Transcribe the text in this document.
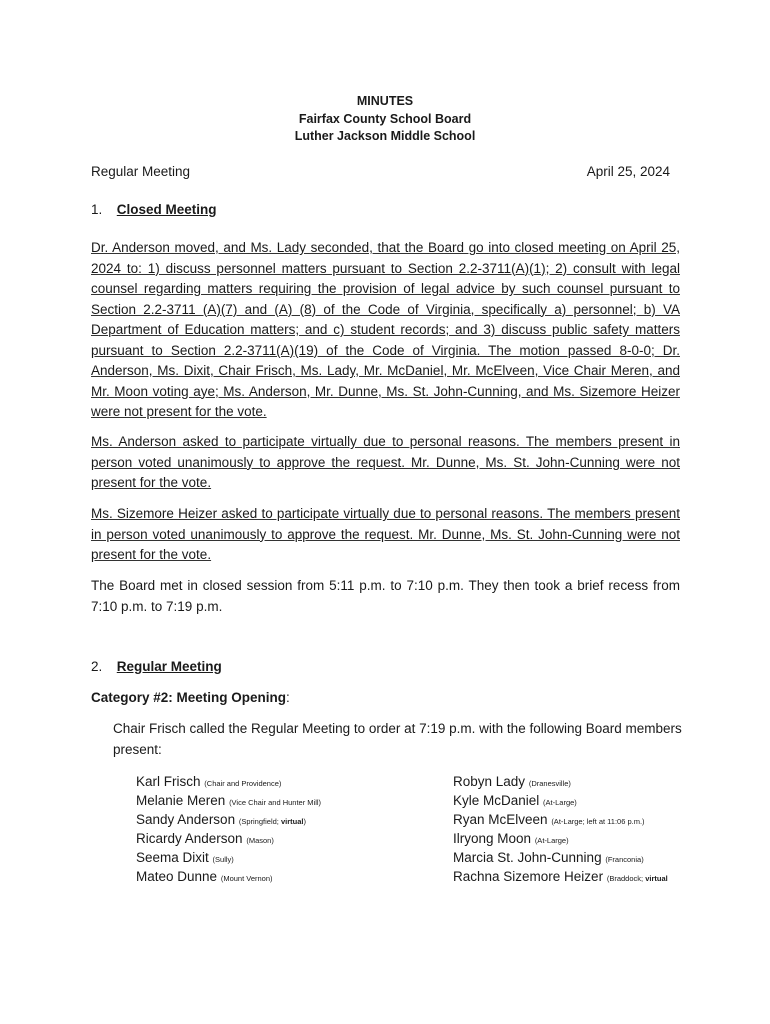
MINUTES
Fairfax County School Board
Luther Jackson Middle School
Regular Meeting	April 25, 2024
1. Closed Meeting

Dr. Anderson moved, and Ms. Lady seconded, that the Board go into closed meeting on April 25, 2024 to: 1) discuss personnel matters pursuant to Section 2.2-3711(A)(1); 2) consult with legal counsel regarding matters requiring the provision of legal advice by such counsel pursuant to Section 2.2-3711 (A)(7) and (A) (8) of the Code of Virginia, specifically a) personnel; b) VA Department of Education matters; and c) student records; and 3) discuss public safety matters pursuant to Section 2.2-3711(A)(19) of the Code of Virginia. The motion passed 8-0-0; Dr. Anderson, Ms. Dixit, Chair Frisch, Ms. Lady, Mr. McDaniel, Mr. McElveen, Vice Chair Meren, and Mr. Moon voting aye; Ms. Anderson, Mr. Dunne, Ms. St. John-Cunning, and Ms. Sizemore Heizer were not present for the vote.

Ms. Anderson asked to participate virtually due to personal reasons. The members present in person voted unanimously to approve the request. Mr. Dunne, Ms. St. John-Cunning were not present for the vote.

Ms. Sizemore Heizer asked to participate virtually due to personal reasons. The members present in person voted unanimously to approve the request. Mr. Dunne, Ms. St. John-Cunning were not present for the vote.

The Board met in closed session from 5:11 p.m. to 7:10 p.m. They then took a brief recess from 7:10 p.m. to 7:19 p.m.

2. Regular Meeting
Category #2: Meeting Opening:

Chair Frisch called the Regular Meeting to order at 7:19 p.m. with the following Board members present:

Karl Frisch (Chair and Providence)
Melanie Meren (Vice Chair and Hunter Mill)
Sandy Anderson (Springfield; virtual)
Ricardy Anderson (Mason)
Seema Dixit (Sully)
Mateo Dunne (Mount Vernon)
Robyn Lady (Dranesville)
Kyle McDaniel (At-Large)
Ryan McElveen (At-Large; left at 11:06 p.m.)
Ilryong Moon (At-Large)
Marcia St. John-Cunning (Franconia)
Rachna Sizemore Heizer (Braddock; virtual
